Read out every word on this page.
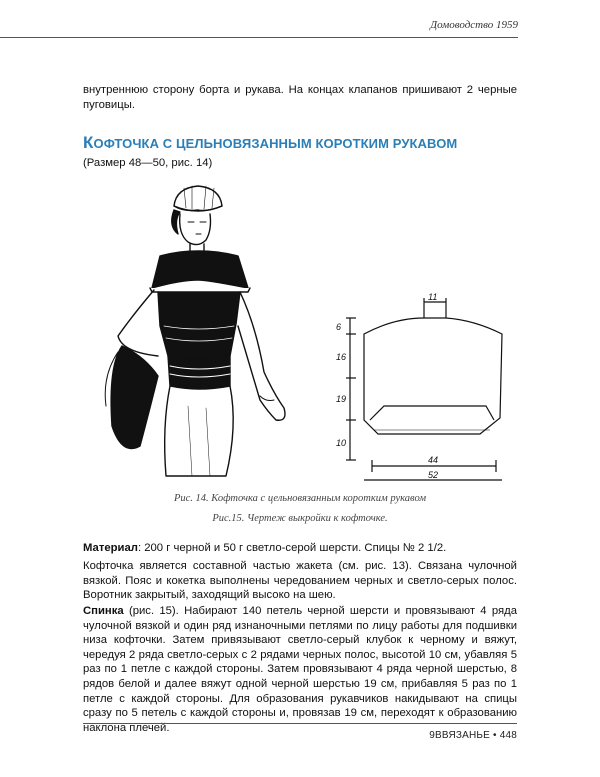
Домоводство 1959

внутреннюю сторону борта и рукава. На концах клапанов пришивают 2 черные пуговицы.

КОФТОЧКА С ЦЕЛЬНОВЯЗАННЫМ КОРОТКИМ РУКАВОМ

(Размер 48—50, рис. 14)

11
6
16
19
10
44
52

Рис. 14. Кофточка с цельновязанным коротким рукавом

Рис.15. Чертеж выкройки к кофточке.

Материал: 200 г черной и 50 г светло-серой шерсти. Спицы № 2 1/2.

Кофточка является составной частью жакета (см. рис. 13). Связана чулочной вязкой. Пояс и кокетка выполнены чередованием черных и светло-серых полос. Воротник закрытый, заходящий высоко на шею.

Спинка (рис. 15). Набирают 140 петель черной шерсти и провязывают 4 ряда чулочной вязкой и один ряд изнаночными петлями по лицу работы для подшивки низа кофточки. Затем привязывают светло-серый клубок к черному и вяжут, чередуя 2 ряда светло-серых с 2 рядами черных полос, высотой 10 см, убавляя 5 раз по 1 петле с каждой стороны. Затем провязывают 4 ряда черной шерстью, 8 рядов белой и далее вяжут одной черной шерстью 19 см, прибавляя 5 раз по 1 петле с каждой стороны. Для образования рукавчиков накидывают на спицы сразу по 5 петель с каждой стороны и, провязав 19 см, переходят к образованию наклона плечей.

9ВВЯЗАНЬЕ • 448
